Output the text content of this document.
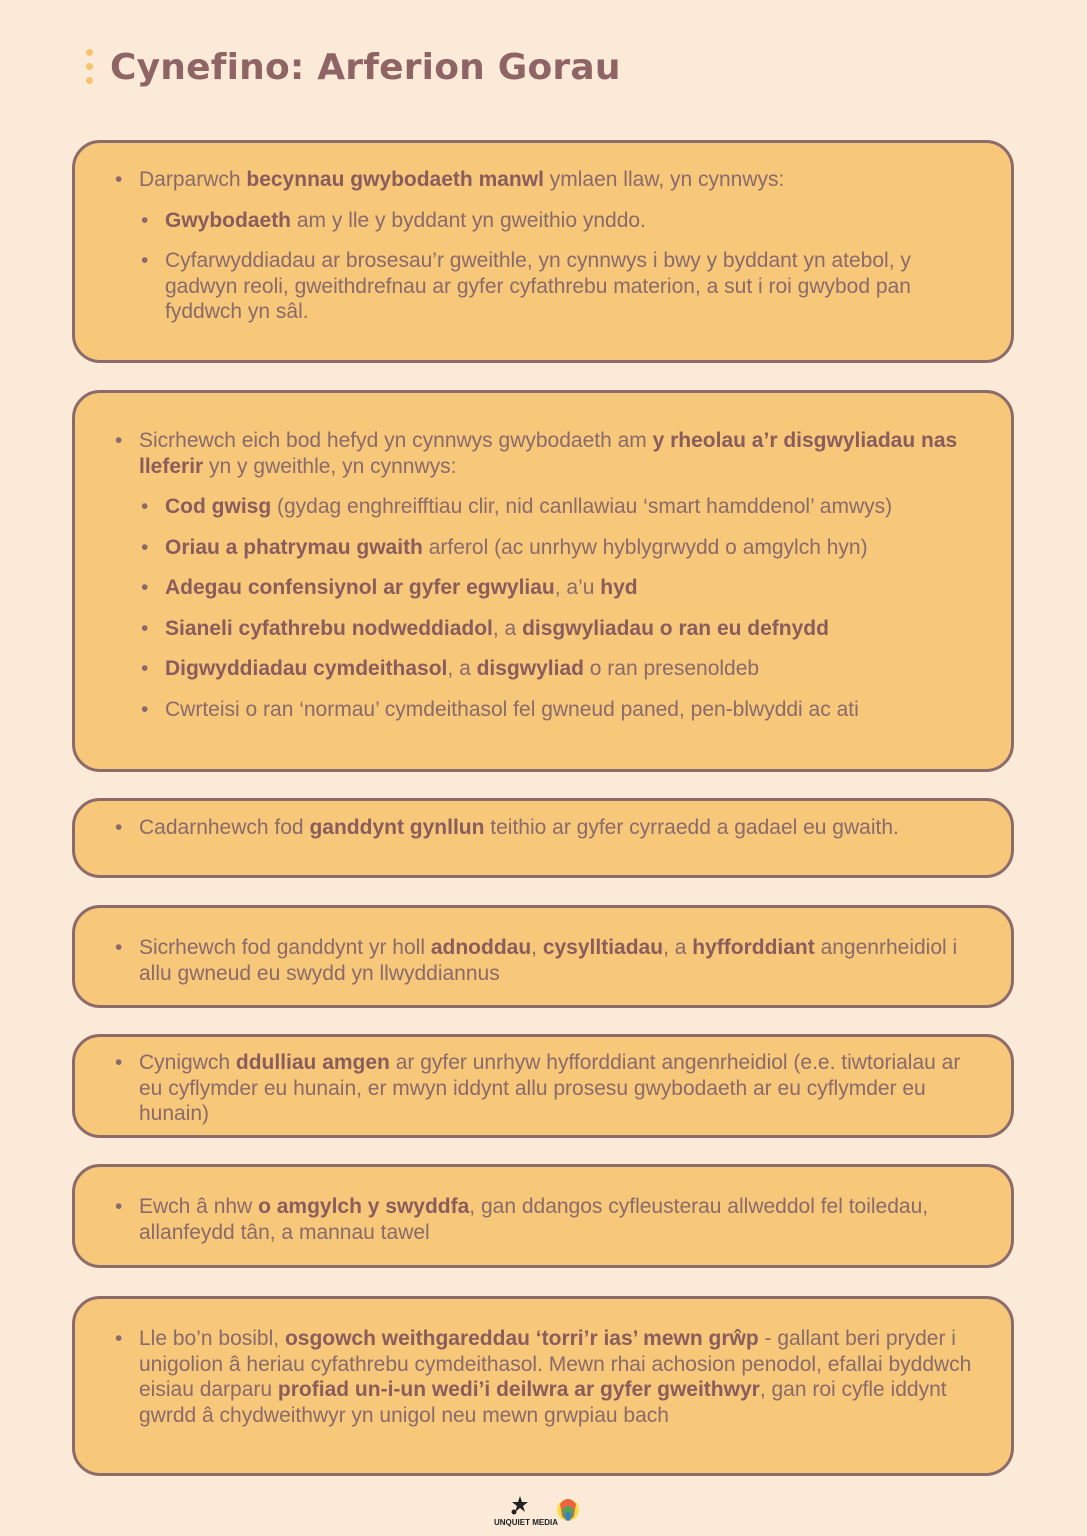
Cynefino: Arferion Gorau
• Darparwch becynnau gwybodaeth manwl ymlaen llaw, yn cynnwys:
• Gwybodaeth am y lle y byddant yn gweithio ynddo.
• Cyfarwyddiadau ar brosesau’r gweithle, yn cynnwys i bwy y byddant yn atebol, y gadwyn reoli, gweithdrefnau ar gyfer cyfathrebu materion, a sut i roi gwybod pan fyddwch yn sâl.
• Sicrhewch eich bod hefyd yn cynnwys gwybodaeth am y rheolau a’r disgwyliadau nas lleferir yn y gweithle, yn cynnwys:
• Cod gwisg (gydag enghreifftiau clir, nid canllawiau ‘smart hamddenol’ amwys)
• Oriau a phatrymau gwaith arferol (ac unrhyw hyblygrwydd o amgylch hyn)
• Adegau confensiynol ar gyfer egwyliau, a’u hyd
• Sianeli cyfathrebu nodweddiadol, a disgwyliadau o ran eu defnydd
• Digwyddiadau cymdeithasol, a disgwyliad o ran presenoldeb
• Cwrteisi o ran ‘normau’ cymdeithasol fel gwneud paned, pen-blwyddi ac ati
• Cadarnhewch fod ganddynt gynllun teithio ar gyfer cyrraedd a gadael eu gwaith.
• Sicrhewch fod ganddynt yr holl adnoddau, cysylltiadau, a hyfforddiant angenrheidiol i allu gwneud eu swydd yn llwyddiannus
• Cynigwch ddulliau amgen ar gyfer unrhyw hyfforddiant angenrheidiol (e.e. tiwtorialau ar eu cyflymder eu hunain, er mwyn iddynt allu prosesu gwybodaeth ar eu cyflymder eu hunain)
• Ewch â nhw o amgylch y swyddfa, gan ddangos cyfleusterau allweddol fel toiledau, allanfeydd tân, a mannau tawel
• Lle bo’n bosibl, osgowch weithgareddau ‘torri’r ias’ mewn grŵp - gallant beri pryder i unigolion â heriau cyfathrebu cymdeithasol. Mewn rhai achosion penodol, efallai byddwch eisiau darparu profiad un-i-un wedi’i deilwra ar gyfer gweithwyr, gan roi cyfle iddynt gwrdd â chydweithwyr yn unigol neu mewn grwpiau bach
UNQUIET MEDIA
